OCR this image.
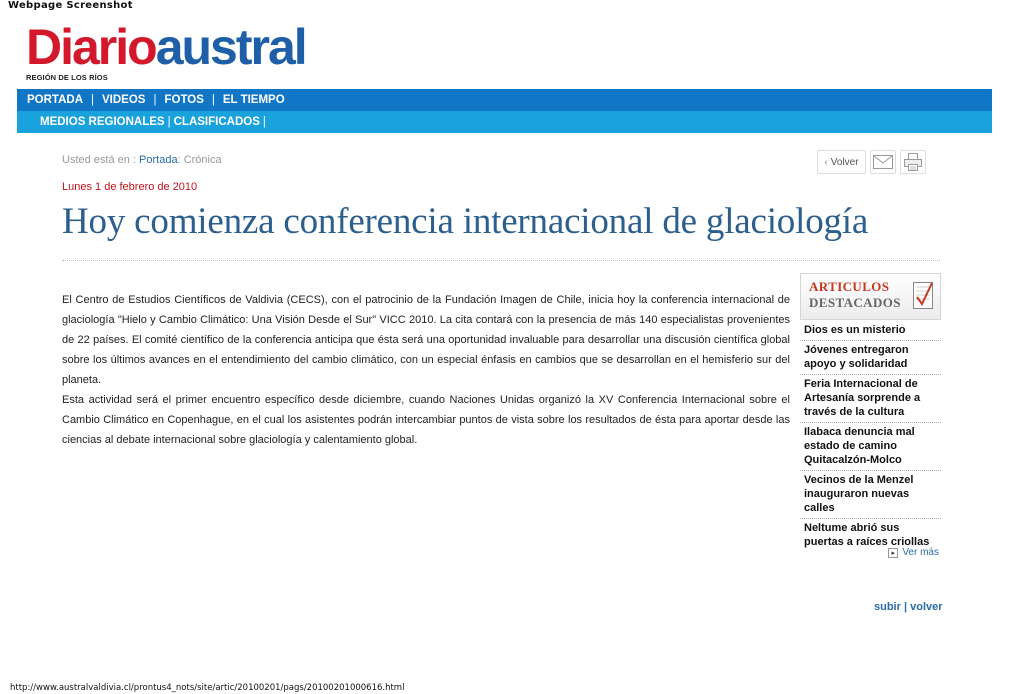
Webpage Screenshot
Diarioaustral
REGIÓN DE LOS RÍOS
PORTADA | VIDEOS | FOTOS | EL TIEMPO
MEDIOS REGIONALES | CLASIFICADOS |
Usted está en : Portada: Crónica	‹ Volver
Lunes 1 de febrero de 2010
Hoy comienza conferencia internacional de glaciología

El Centro de Estudios Científicos de Valdivia (CECS), con el patrocinio de la Fundación Imagen de Chile, inicia hoy la conferencia internacional de glaciología "Hielo y Cambio Climático: Una Visión Desde el Sur" VICC 2010. La cita contará con la presencia de más 140 especialistas provenientes de 22 países. El comité científico de la conferencia anticipa que ésta será una oportunidad invaluable para desarrollar una discusión científica global sobre los últimos avances en el entendimiento del cambio climático, con un especial énfasis en cambios que se desarrollan en el hemisferio sur del planeta.

Esta actividad será el primer encuentro específico desde diciembre, cuando Naciones Unidas organizó la XV Conferencia Internacional sobre el Cambio Climático en Copenhague, en el cual los asistentes podrán intercambiar puntos de vista sobre los resultados de ésta para aportar desde las ciencias al debate internacional sobre glaciología y calentamiento global.

ARTICULOS
DESTACADOS
Dios es un misterio
Jóvenes entregaron apoyo y solidaridad
Feria Internacional de Artesanía sorprende a través de la cultura
Ilabaca denuncia mal estado de camino Quitacalzón-Molco
Vecinos de la Menzel inauguraron nuevas calles
Neltume abrió sus puertas a raíces criollas
▸ Ver más
subir | volver
http://www.australvaldivia.cl/prontus4_nots/site/artic/20100201/pags/20100201000616.html
